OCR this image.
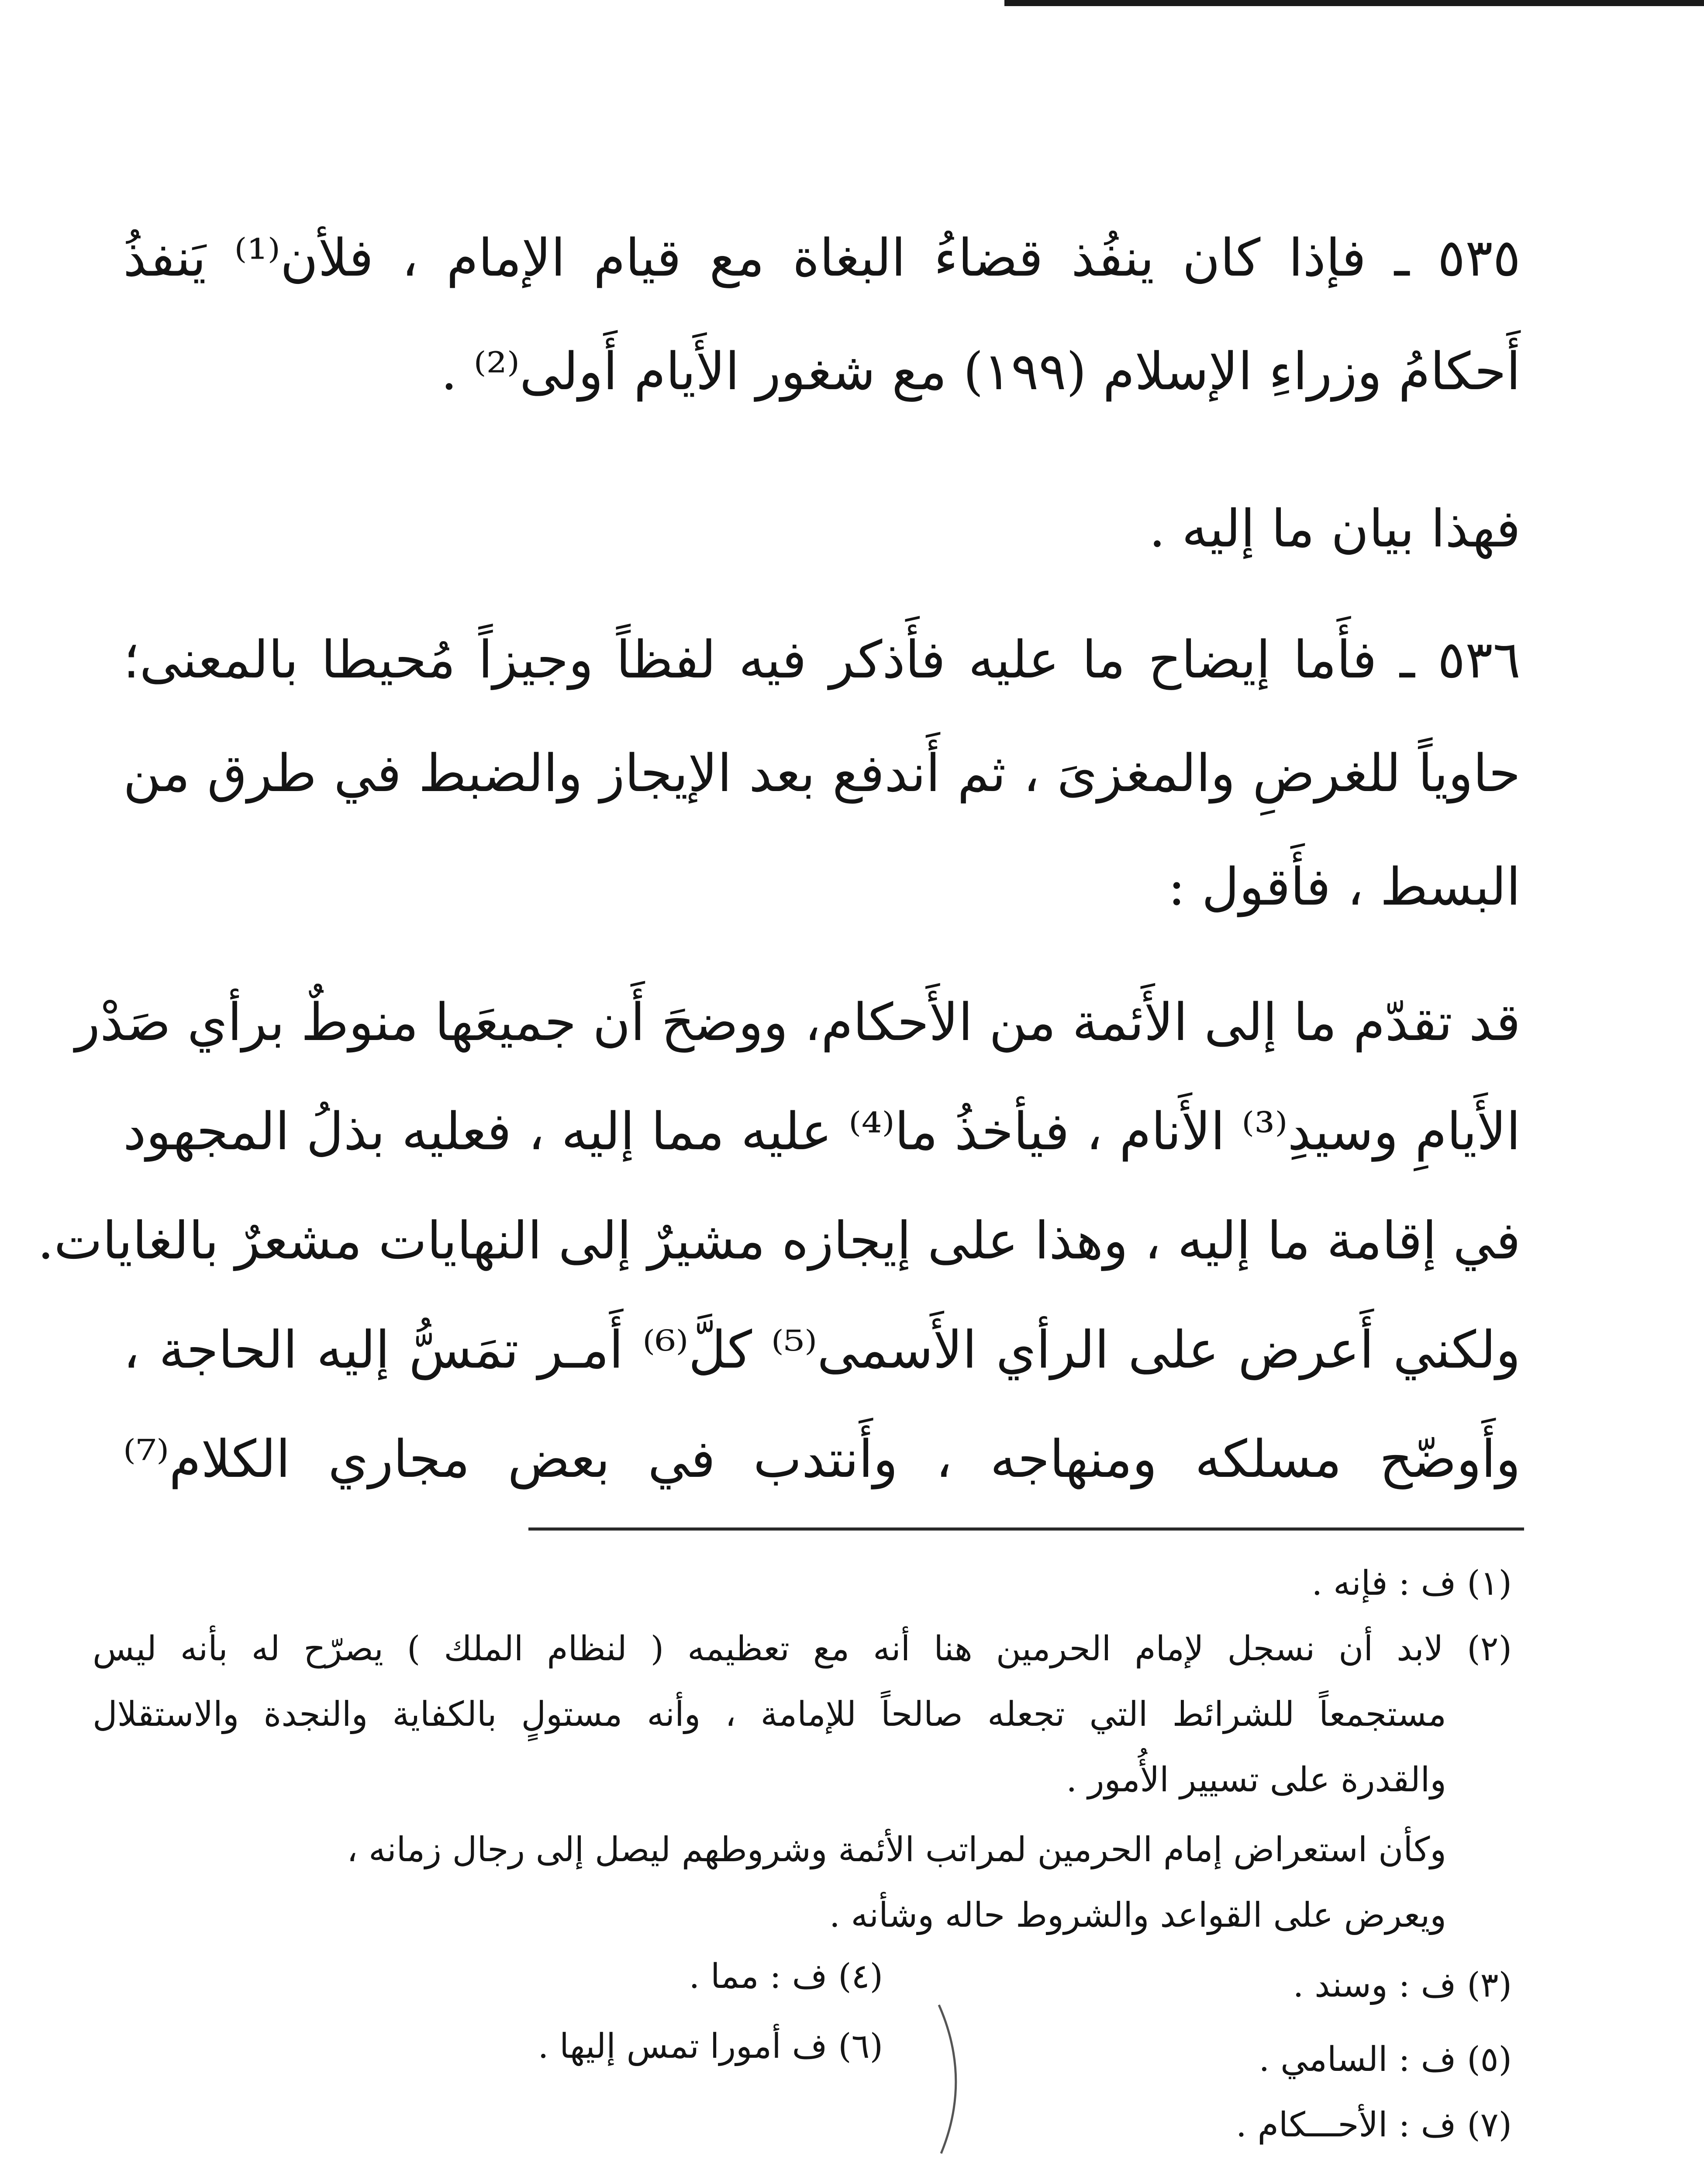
٥٣٥ ـ فإذا كان ينفُذ قضاءُ البغاة مع قيام الإمام ، فلأن⁽¹⁾ يَنفذُ
أَحكامُ وزراءِ الإسلام (١٩٩) مع شغور الأَيام أَولى⁽²⁾ .
فهذا بيان ما إليه .
٥٣٦ ـ فأَما إيضاح ما عليه فأَذكر فيه لفظاً وجيزاً مُحيطا بالمعنى؛
حاوياً للغرضِ والمغزىَ ، ثم أَندفع بعد الإيجاز والضبط في طرق من
البسط ، فأَقول :
قد تقدّم ما إلى الأَئمة من الأَحكام، ووضحَ أَن جميعَها منوطٌ برأي صَدْر
الأَيامِ وسيدِ⁽³⁾ الأَنام ، فيأخذُ ما⁽⁴⁾ عليه مما إليه ، فعليه بذلُ المجهود
في إقامة ما إليه ، وهذا على إيجازه مشيرٌ إلى النهايات مشعرٌ بالغايات.
ولكني أَعرض على الرأي الأَسمى⁽⁵⁾ كلَّ⁽⁶⁾ أَمـر تمَسُّ إليه الحاجة ،
وأَوضّح مسلكه ومنهاجه ، وأَنتدب في بعض مجاري الكلام⁽⁷⁾
(١) ف : فإنه .
(٢) لابد أن نسجل لإمام الحرمين هنا أنه مع تعظيمه ( لنظام الملك ) يصرّح له بأنه ليس
مستجمعاً للشرائط التي تجعله صالحاً للإمامة ، وأنه مستولٍ بالكفاية والنجدة والاستقلال
والقدرة على تسيير الأُمور .
وكأن استعراض إمام الحرمين لمراتب الأئمة وشروطهم ليصل إلى رجال زمانه ،
ويعرض على القواعد والشروط حاله وشأنه .
(٣) ف : وسند .
(٤) ف : مما .
(٥) ف : السامي .
(٦) ف أمورا تمس إليها .
(٧) ف : الأحـــكام .
